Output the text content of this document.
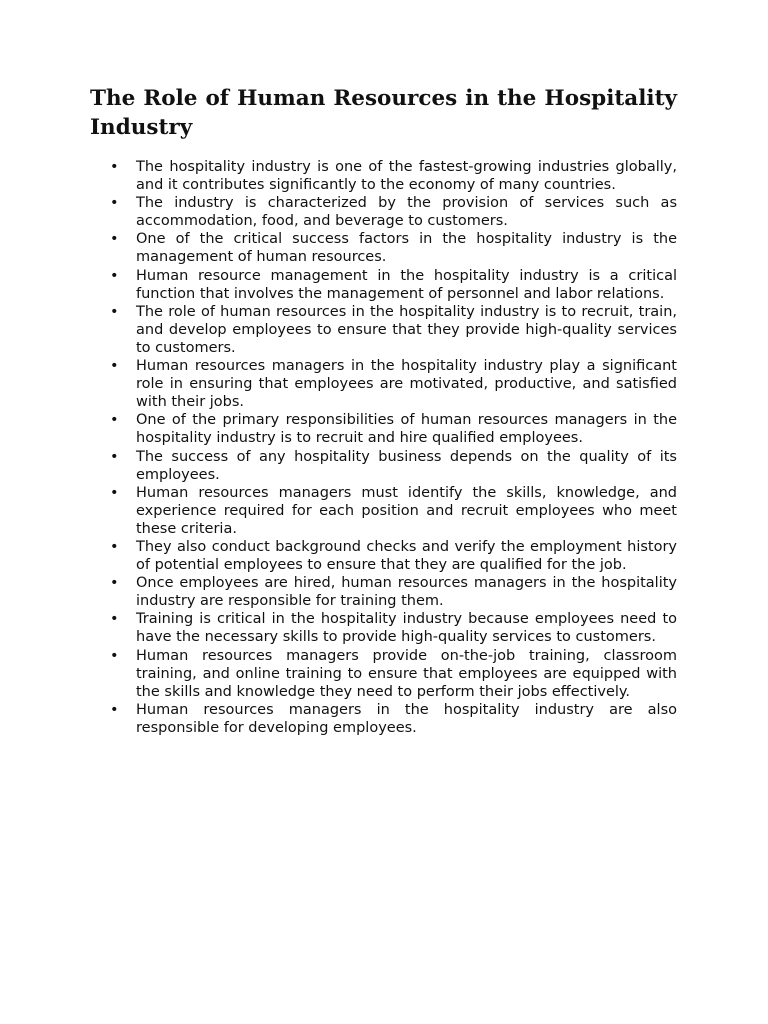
The Role of Human Resources in the Hospitality Industry
• The hospitality industry is one of the fastest-growing industries globally, and it contributes significantly to the economy of many countries.
• The industry is characterized by the provision of services such as accommodation, food, and beverage to customers.
• One of the critical success factors in the hospitality industry is the management of human resources.
• Human resource management in the hospitality industry is a critical function that involves the management of personnel and labor relations.
• The role of human resources in the hospitality industry is to recruit, train, and develop employees to ensure that they provide high-quality services to customers.
• Human resources managers in the hospitality industry play a significant role in ensuring that employees are motivated, productive, and satisfied with their jobs.
• One of the primary responsibilities of human resources managers in the hospitality industry is to recruit and hire qualified employees.
• The success of any hospitality business depends on the quality of its employees.
• Human resources managers must identify the skills, knowledge, and experience required for each position and recruit employees who meet these criteria.
• They also conduct background checks and verify the employment history of potential employees to ensure that they are qualified for the job.
• Once employees are hired, human resources managers in the hospitality industry are responsible for training them.
• Training is critical in the hospitality industry because employees need to have the necessary skills to provide high-quality services to customers.
• Human resources managers provide on-the-job training, classroom training, and online training to ensure that employees are equipped with the skills and knowledge they need to perform their jobs effectively.
• Human resources managers in the hospitality industry are also responsible for developing employees.
